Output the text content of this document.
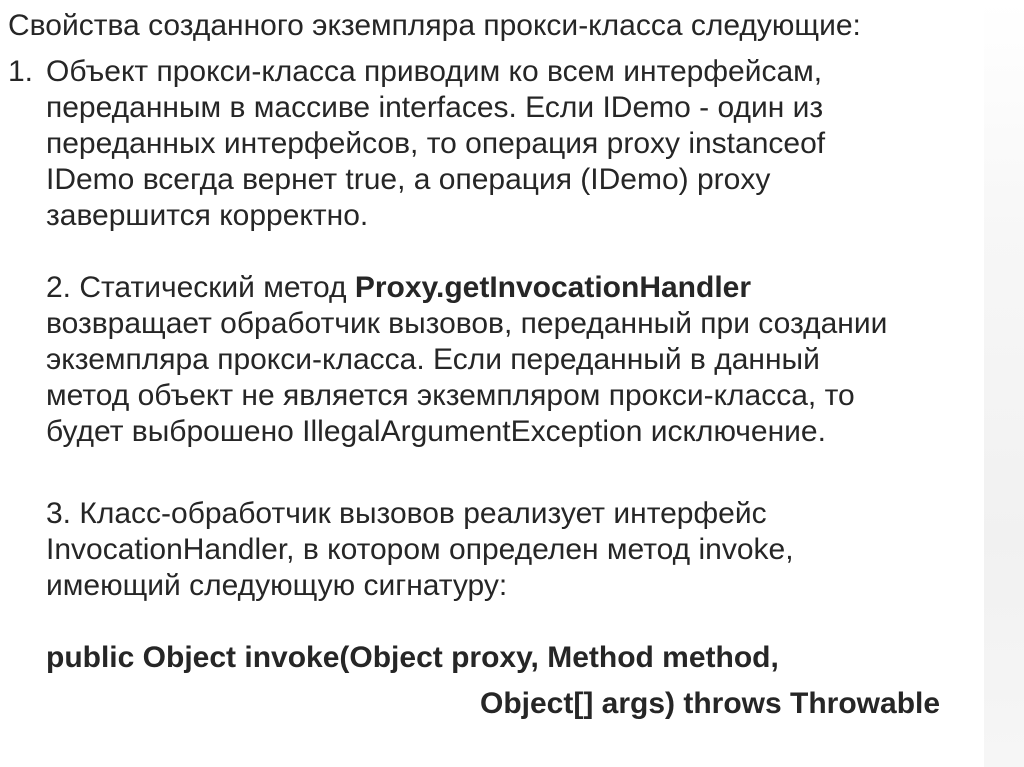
Свойства созданного экземпляра прокси-класса следующие:

1. Объект прокси-класса приводим ко всем интерфейсам,
переданным в массиве interfaces. Если IDemo - один из
переданных интерфейсов, то операция proxy instanceof
IDemo всегда вернет true, а операция (IDemo) proxy
завершится корректно.
2. Статический метод Proxy.getInvocationHandler
возвращает обработчик вызовов, переданный при создании
экземпляра прокси-класса. Если переданный в данный
метод объект не является экземпляром прокси-класса, то
будет выброшено IllegalArgumentException исключение.
3. Класс-обработчик вызовов реализует интерфейс
InvocationHandler, в котором определен метод invoke,
имеющий следующую сигнатуру:
public Object invoke(Object proxy, Method method,
Object[] args) throws Throwable
